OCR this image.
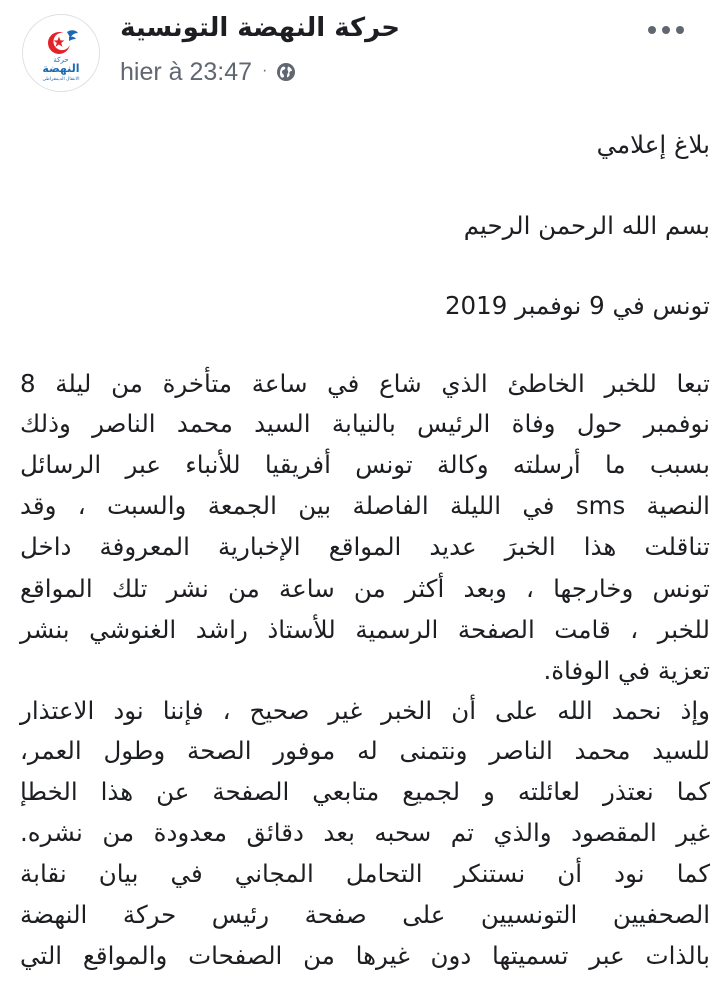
حركة
النهضة
الانتقال الديمقراطي
حركة النهضة التونسية
hier à 23:47 ·
بلاغ إعلامي
بسم الله الرحمن الرحيم
تونس في 9 نوفمبر 2019
تبعا للخبر الخاطئ الذي شاع في ساعة متأخرة من ليلة 8
نوفمبر حول وفاة الرئيس بالنيابة السيد محمد الناصر وذلك
بسبب ما أرسلته وكالة تونس أفريقيا للأنباء عبر الرسائل
النصية sms في الليلة الفاصلة بين الجمعة والسبت ، وقد
تناقلت هذا الخبرَ عديد المواقع الإخبارية المعروفة داخل
تونس وخارجها ، وبعد أكثر من ساعة من نشر تلك المواقع
للخبر ، قامت الصفحة الرسمية للأستاذ راشد الغنوشي بنشر
تعزية في الوفاة.
وإذ نحمد الله على أن الخبر غير صحيح ، فإننا نود الاعتذار
للسيد محمد الناصر ونتمنى له موفور الصحة وطول العمر،
كما نعتذر لعائلته و لجميع متابعي الصفحة عن هذا الخطإ
غير المقصود والذي تم سحبه بعد دقائق معدودة من نشره.
كما نود أن نستنكر التحامل المجاني في بيان نقابة
الصحفيين التونسيين على صفحة رئيس حركة النهضة
بالذات عبر تسميتها دون غيرها من الصفحات والمواقع التي
